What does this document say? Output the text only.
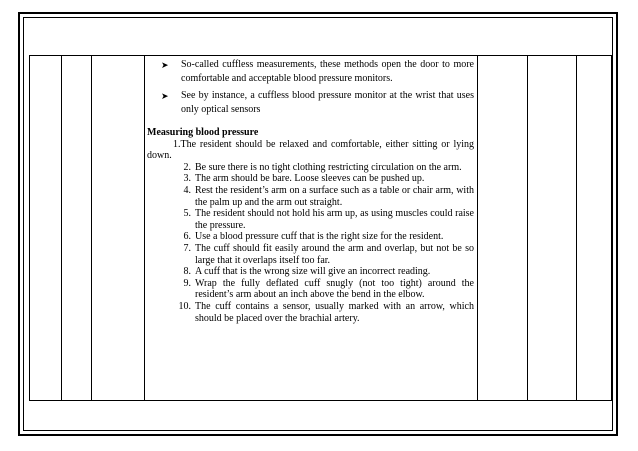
➤ So-called cuffless measurements, these methods open the door to more comfortable and acceptable blood pressure monitors.
➤ See by instance, a cuffless blood pressure monitor at the wrist that uses only optical sensors
Measuring blood pressure
1.The resident should be relaxed and comfortable, either sitting or lying down.
2. Be sure there is no tight clothing restricting circulation on the arm.
3. The arm should be bare. Loose sleeves can be pushed up.
4. Rest the resident’s arm on a surface such as a table or chair arm, with the palm up and the arm out straight.
5. The resident should not hold his arm up, as using muscles could raise the pressure.
6. Use a blood pressure cuff that is the right size for the resident.
7. The cuff should fit easily around the arm and overlap, but not be so large that it overlaps itself too far.
8. A cuff that is the wrong size will give an incorrect reading.
9. Wrap the fully deflated cuff snugly (not too tight) around the resident’s arm about an inch above the bend in the elbow.
10. The cuff contains a sensor, usually marked with an arrow, which should be placed over the brachial artery.
